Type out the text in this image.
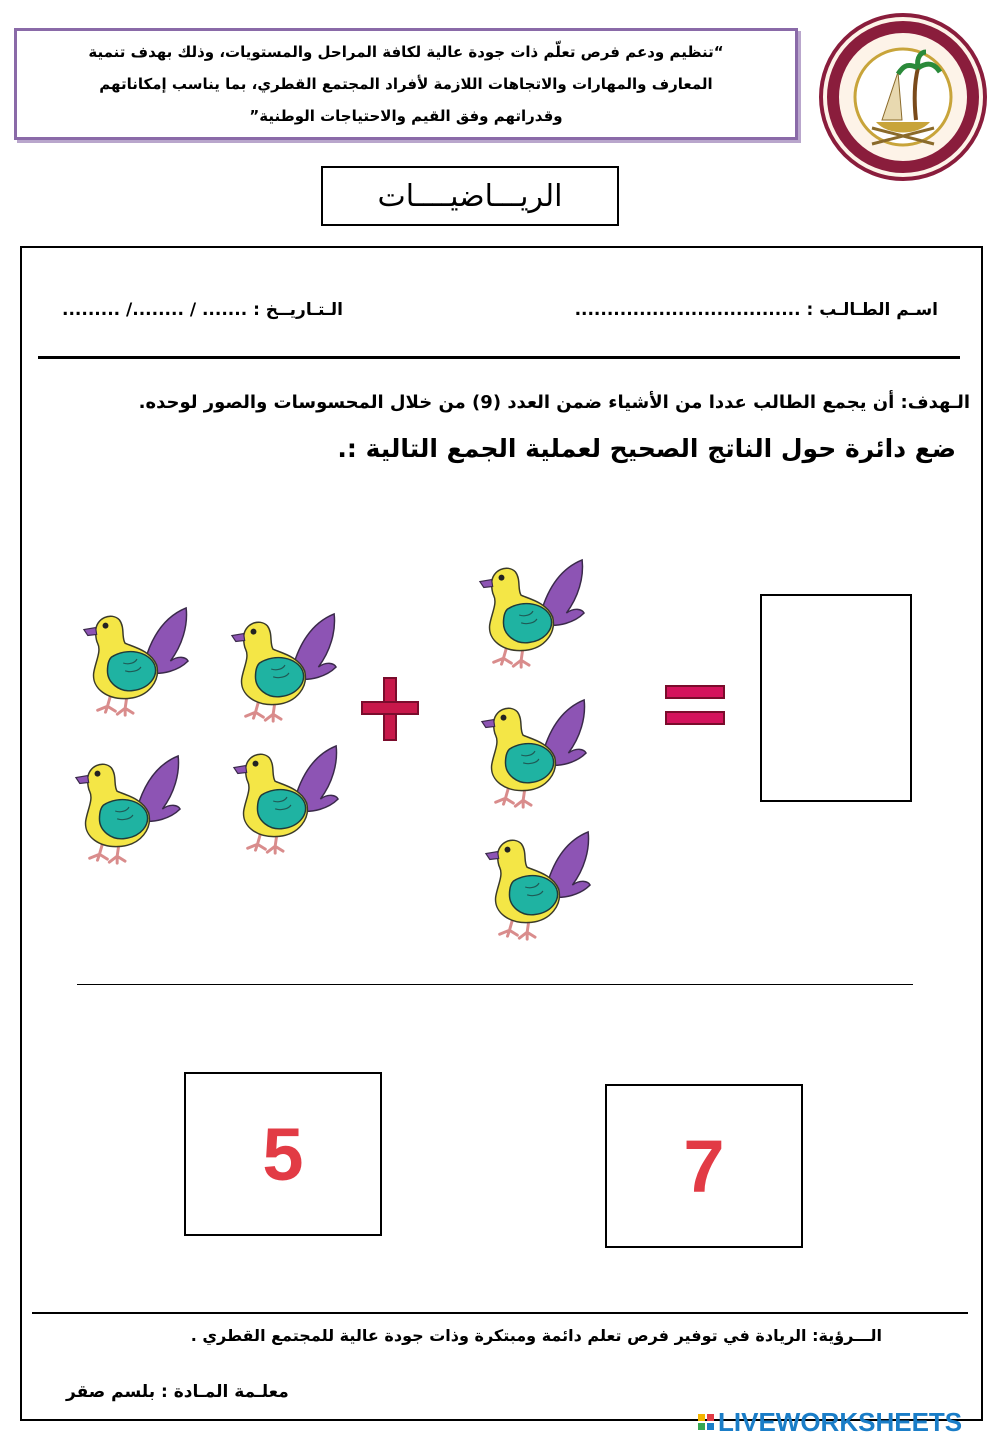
“تنظيم ودعم فرص تعلّم ذات جودة عالية لكافة المراحل والمستويات، وذلك بهدف تنمية
المعارف والمهارات والاتجاهات اللازمة لأفراد المجتمع القطري، بما يناسب إمكاناتهم
وقدراتهم وفق القيم والاحتياجات الوطنية”
الريـــاضيــــات
اسـم الطـالـب : ...................................
الـتـاريــخ : ....... / ......../ .........
الـهدف: أن يجمع الطالب عددا من الأشياء ضمن العدد (9) من خلال المحسوسات والصور لوحده.
ضع دائرة حول الناتج الصحيح لعملية الجمع التالية :.
5	7
الـــرؤية: الريادة في توفير فرص تعلم دائمة ومبتكرة وذات جودة عالية للمجتمع القطري .
معلـمة المـادة : بلسم صقر
LIVEWORKSHEETS
